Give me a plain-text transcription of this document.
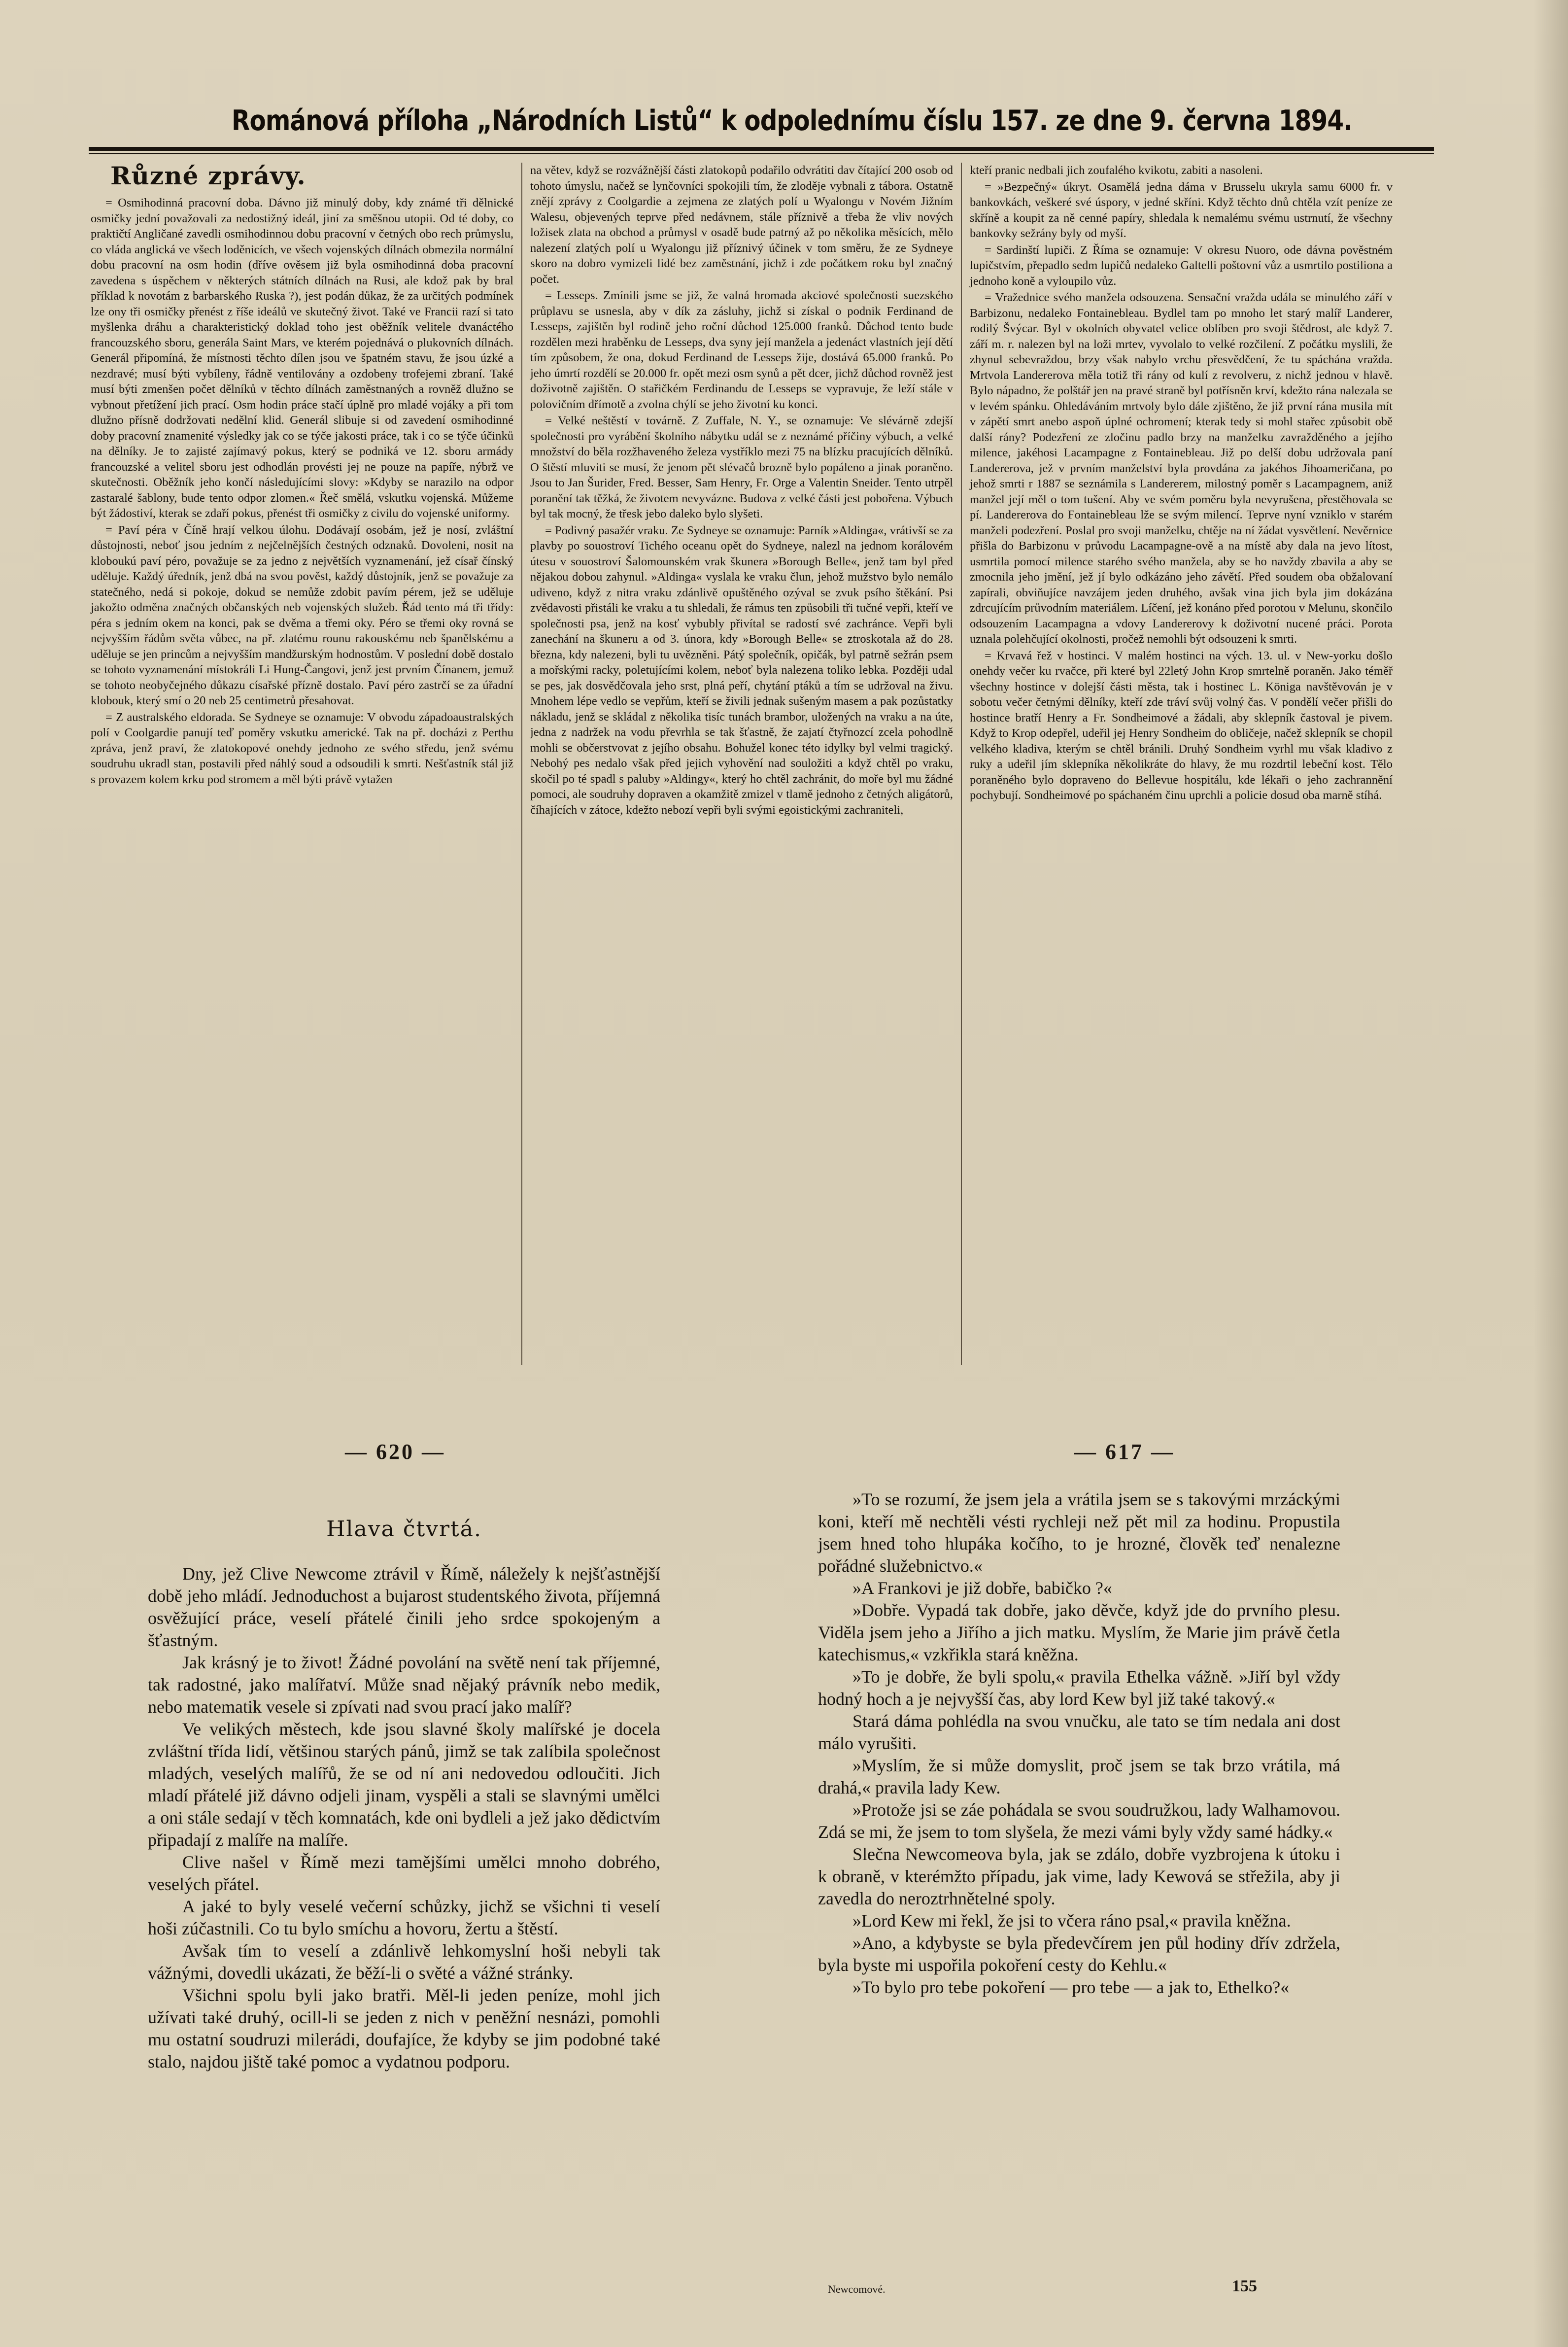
Románová příloha „Národních Listů“ k odpolednímu číslu 157. ze dne 9. června 1894.
Různé zprávy.

= Osmihodinná pracovní doba. Dávno již minulý doby, kdy známé tři dělnické osmičky jední považovali za nedostižný ideál, jiní za směšnou utopii. Od té doby, co praktičtí Angličané zavedli osmihodinnou dobu pracovní v četných obo rech průmyslu, co vláda anglická ve všech loděnicích, ve všech vojenských dílnách obmezila normální dobu pracovní na osm hodin (dříve ověsem již byla osmihodinná doba pracovní zavedena s úspěchem v některých státních dílnách na Rusi, ale kdož pak by bral příklad k novotám z barbarského Ruska ?), jest podán důkaz, že za určitých podmínek lze ony tři osmičky přenést z říše ideálů ve skutečný život. Také ve Francii razí si tato myšlenka dráhu a charakteristický doklad toho jest oběžník velitele dvanáctého francouzského sboru, generála Saint Mars, ve kterém pojednává o plukovních dílnách. Generál připomíná, že místnosti těchto dílen jsou ve špatném stavu, že jsou úzké a nezdravé; musí býti vybíleny, řádně ventilovány a ozdobeny trofejemi zbraní. Také musí býti zmenšen počet dělníků v těchto dílnách zaměstnaných a rovněž dlužno se vybnout přetížení jich prací. Osm hodin práce stačí úplně pro mladé vojáky a při tom dlužno přísně dodržovati nedělní klid. Generál slibuje si od zavedení osmihodinné doby pracovní znamenité výsledky jak co se týče jakosti práce, tak i co se týče účinků na dělníky. Je to zajisté zajímavý pokus, který se podniká ve 12. sboru armády francouzské a velitel sboru jest odhodlán provésti jej ne pouze na papíře, nýbrž ve skutečnosti. Oběžník jeho končí následujícími slovy: »Kdyby se narazilo na odpor zastaralé šablony, bude tento odpor zlomen.« Řeč smělá, vskutku vojenská. Můžeme být žádostiví, kterak se zdaří pokus, přenést tři osmičky z civilu do vojenské uniformy.

= Paví péra v Číně hrají velkou úlohu. Dodávají osobám, jež je nosí, zvláštní důstojnosti, neboť jsou jedním z nejčelnějších čestných odznaků. Dovoleni, nosit na kloboukú paví péro, považuje se za jedno z největších vyznamenání, jež císař čínský uděluje. Každý úředník, jenž dbá na svou pověst, každý důstojník, jenž se považuje za statečného, nedá si pokoje, dokud se nemůže zdobit pavím pérem, jež se uděluje jakožto odměna značných občanských neb vojenských služeb. Řád tento má tři třídy: péra s jedním okem na konci, pak se dvěma a třemi oky. Péro se třemi oky rovná se nejvyšším řádům světa vůbec, na př. zlatému rounu rakouskému neb španělskému a uděluje se jen princům a nejvyšším mandžurským hodnostům. V poslední době dostalo se tohoto vyznamenání místokráli Li Hung-Čangovi, jenž jest prvním Čínanem, jemuž se tohoto neobyčejného důkazu císařské přízně dostalo. Paví péro zastrčí se za úřadní klobouk, který smí o 20 neb 25 centimetrů přesahovat.

= Z australského eldorada. Se Sydneye se oznamuje: V obvodu západoaustralských polí v Coolgardie panují teď poměry vskutku americké. Tak na př. docházi z Perthu zpráva, jenž praví, že zlatokopové onehdy jednoho ze svého středu, jenž svému soudruhu ukradl stan, postavili před náhlý soud a odsoudili k smrti. Nešťastník stál již s provazem kolem krku pod stromem a měl býti právě vytažen

na větev, když se rozvážnější části zlatokopů podařilo odvrátiti dav čítající 200 osob od tohoto úmyslu, načež se lynčovníci spokojili tím, že zloděje vybnali z tábora. Ostatně znějí zprávy z Coolgardie a zejmena ze zlatých polí u Wyalongu v Novém Jižním Walesu, objevených teprve před nedávnem, stále příznivě a třeba že vliv nových ložisek zlata na obchod a průmysl v osadě bude patrný až po několika měsících, mělo nalezení zlatých polí u Wyalongu již příznivý účinek v tom směru, že ze Sydneye skoro na dobro vymizeli lidé bez zaměstnání, jichž i zde počátkem roku byl značný počet.

= Lesseps. Zmínili jsme se již, že valná hromada akciové společnosti suezského průplavu se usnesla, aby v dík za zásluhy, jichž si získal o podnik Ferdinand de Lesseps, zajištěn byl rodině jeho roční důchod 125.000 franků. Důchod tento bude rozdělen mezi hraběnku de Lesseps, dva syny její manžela a jedenáct vlastních její dětí tím způsobem, že ona, dokud Ferdinand de Lesseps žije, dostává 65.000 franků. Po jeho úmrtí rozdělí se 20.000 fr. opět mezi osm synů a pět dcer, jichž důchod rovněž jest doživotně zajištěn. O stařičkém Ferdinandu de Lesseps se vypravuje, že leží stále v polovičním dřímotě a zvolna chýlí se jeho životní ku konci.

= Velké neštěstí v továrně. Z Zuffale, N. Y., se oznamuje: Ve slévárně zdejší společnosti pro vyrábění školního nábytku udál se z neznámé příčiny výbuch, a velké množství do běla rozžhaveného železa vystříklo mezi 75 na blízku pracujících dělníků. O štěstí mluviti se musí, že jenom pět slévačů brozně bylo popáleno a jinak poraněno. Jsou to Jan Šurider, Fred. Besser, Sam Henry, Fr. Orge a Valentin Sneider. Tento utrpěl poranění tak těžká, že životem nevyvázne. Budova z velké části jest pobořena. Výbuch byl tak mocný, že třesk jebo daleko bylo slyšeti.

= Podivný pasažér vraku. Ze Sydneye se oznamuje: Parník »Aldinga«, vrátivší se za plavby po souostroví Tichého oceanu opět do Sydneye, nalezl na jednom korálovém útesu v souostroví Šalomounském vrak škunera »Borough Belle«, jenž tam byl před nějakou dobou zahynul. »Aldinga« vyslala ke vraku člun, jehož mužstvo bylo nemálo udiveno, když z nitra vraku zdánlivě opuštěného ozýval se zvuk psího štěkání. Psi zvědavosti přistáli ke vraku a tu shledali, že rámus ten způsobili tři tučné vepři, kteří ve společnosti psa, jenž na kosť vybubly přivítal se radostí své zachránce. Vepři byli zanechání na škuneru a od 3. února, kdy »Borough Belle« se ztroskotala až do 28. března, kdy nalezeni, byli tu uvězněni. Pátý společník, opičák, byl patrně sežrán psem a mořskými racky, poletujícími kolem, neboť byla nalezena toliko lebka. Později udal se pes, jak dosvědčovala jeho srst, plná peří, chytání ptáků a tím se udržoval na živu. Mnohem lépe vedlo se vepřům, kteří se živili jednak sušeným masem a pak pozůstatky nákladu, jenž se skládal z několika tisíc tunách brambor, uložených na vraku a na úte, jedna z nadržek na vodu převrhla se tak šťastně, že zajatí čtyřnozcí zcela pohodlně mohli se občerstvovat z jejího obsahu. Bohužel konec této idylky byl velmi tragický. Nebohý pes nedalo však před jejich vyhovění nad souložiti a když chtěl po vraku, skočil po té spadl s paluby »Aldingy«, který ho chtěl zachránit, do moře byl mu žádné pomoci, ale soudruhy dopraven a okamžitě zmizel v tlamě jednoho z četných aligátorů, číhajících v zátoce, kdežto nebozí vepři byli svými egoistickými zachraniteli,

kteří pranic nedbali jich zoufalého kvikotu, zabiti a nasoleni.

= »Bezpečný« úkryt. Osamělá jedna dáma v Brusselu ukryla samu 6000 fr. v bankovkách, veškeré své úspory, v jedné skříni. Když těchto dnů chtěla vzít peníze ze skříně a koupit za ně cenné papíry, shledala k nemalému svému ustrnutí, že všechny bankovky sežrány byly od myší.

= Sardinští lupiči. Z Říma se oznamuje: V okresu Nuoro, ode dávna pověstném lupičstvím, přepadlo sedm lupičů nedaleko Galtelli poštovní vůz a usmrtilo postiliona a jednoho koně a vyloupilo vůz.

= Vražednice svého manžela odsouzena. Sensační vražda udála se minulého září v Barbizonu, nedaleko Fontainebleau. Bydlel tam po mnoho let starý malíř Landerer, rodilý Švýcar. Byl v okolních obyvatel velice oblíben pro svoji štědrost, ale když 7. září m. r. nalezen byl na loži mrtev, vyvolalo to velké rozčilení. Z počátku myslili, že zhynul sebevraždou, brzy však nabylo vrchu přesvědčení, že tu spáchána vražda. Mrtvola Landererova měla totiž tři rány od kulí z revolveru, z nichž jednou v hlavě. Bylo nápadno, že polštář jen na pravé straně byl potřísněn krví, kdežto rána nalezala se v levém spánku. Ohledáváním mrtvoly bylo dále zjištěno, že již první rána musila mít v zápětí smrt anebo aspoň úplné ochromení; kterak tedy si mohl stařec způsobit obě další rány? Podezření ze zločinu padlo brzy na manželku zavražděného a jejího milence, jakéhosi Lacampagne z Fontainebleau. Již po delší dobu udržovala paní Landererova, jež v prvním manželství byla provdána za jakéhos Jihoameričana, po jehož smrti r 1887 se seznámila s Landererem, milostný poměr s Lacampagnem, aniž manžel její měl o tom tušení. Aby ve svém poměru byla nevyrušena, přestěhovala se pí. Landererova do Fontainebleau lže se svým milencí. Teprve nyní vzniklo v starém manželi podezření. Poslal pro svoji manželku, chtěje na ní žádat vysvětlení. Nevěrnice přišla do Barbizonu v průvodu Lacampagne-ově a na místě aby dala na jevo lítost, usmrtila pomocí milence starého svého manžela, aby se ho navždy zbavila a aby se zmocnila jeho jmění, jež jí bylo odkázáno jeho závětí. Před soudem oba obžalovaní zapírali, obviňujíce navzájem jeden druhého, avšak vina jich byla jim dokázána zdrcujícím průvodním materiálem. Líčení, jež konáno před porotou v Melunu, skončilo odsouzením Lacampagna a vdovy Landererovy k doživotní nucené práci. Porota uznala polehčující okolnosti, pročež nemohli být odsouzeni k smrti.

= Krvavá řež v hostinci. V malém hostinci na vých. 13. ul. v New-yorku došlo onehdy večer ku rvačce, při které byl 22letý John Krop smrtelně poraněn. Jako téměř všechny hostince v dolejší části města, tak i hostinec L. Königa navštěvován je v sobotu večer četnými dělníky, kteří zde tráví svůj volný čas. V pondělí večer přišli do hostince bratří Henry a Fr. Sondheimové a žádali, aby sklepník častoval je pivem. Když to Krop odepřel, udeřil jej Henry Sondheim do obličeje, načež sklepník se chopil velkého kladiva, kterým se chtěl bránili. Druhý Sondheim vyrhl mu však kladivo z ruky a udeřil jím sklepníka několikráte do hlavy, že mu rozdrtil lebeční kost. Tělo poraněného bylo dopraveno do Bellevue hospitálu, kde lékaři o jeho zachrannění pochybují. Sondheimové po spáchaném činu uprchli a policie dosud oba marně stíhá.

— 620 —	— 617 —

Hlava čtvrtá.

Dny, jež Clive Newcome ztrávil v Římě, náležely k nejšťastnější době jeho mládí. Jednoduchost a bujarost studentského života, příjemná osvěžující práce, veselí přátelé činili jeho srdce spokojeným a šťastným.

Jak krásný je to život! Žádné povolání na světě není tak příjemné, tak radostné, jako malířatví. Může snad nějaký právník nebo medik, nebo matematik vesele si zpívati nad svou prací jako malíř?

Ve velikých městech, kde jsou slavné školy malířské je docela zvláštní třída lidí, většinou starých pánů, jimž se tak zalíbila společnost mladých, veselých malířů, že se od ní ani nedovedou odloučiti. Jich mladí přátelé již dávno odjeli jinam, vyspěli a stali se slavnými umělci a oni stále sedají v těch komnatách, kde oni bydleli a jež jako dědictvím připadají z malíře na malíře.

Clive našel v Římě mezi tamějšími umělci mnoho dobrého, veselých přátel.

A jaké to byly veselé večerní schůzky, jichž se všichni ti veselí hoši zúčastnili. Co tu bylo smíchu a hovoru, žertu a štěstí.

Avšak tím to veselí a zdánlivě lehkomyslní hoši nebyli tak vážnými, dovedli ukázati, že běží-li o světé a vážné stránky.

Všichni spolu byli jako bratři. Měl-li jeden peníze, mohl jich užívati také druhý, ocill-li se jeden z nich v peněžní nesnázi, pomohli mu ostatní soudruzi milerádi, doufajíce, že kdyby se jim podobné také stalo, najdou jiště také pomoc a vydatnou podporu.

»To se rozumí, že jsem jela a vrátila jsem se s takovými mrzáckými koni, kteří mě nechtěli vésti rychleji než pět mil za hodinu. Propustila jsem hned toho hlupáka kočího, to je hrozné, člověk teď nenalezne pořádné služebnictvo.«

»A Frankovi je již dobře, babičko ?«

»Dobře. Vypadá tak dobře, jako děvče, když jde do prvního plesu. Viděla jsem jeho a Jiřího a jich matku. Myslím, že Marie jim právě četla katechismus,« vzkřikla stará kněžna.

»To je dobře, že byli spolu,« pravila Ethelka vážně. »Jiří byl vždy hodný hoch a je nejvyšší čas, aby lord Kew byl již také takový.«

Stará dáma pohlédla na svou vnučku, ale tato se tím nedala ani dost málo vyrušiti.

»Myslím, že si může domyslit, proč jsem se tak brzo vrátila, má drahá,« pravila lady Kew.

»Protože jsi se záe pohádala se svou soudružkou, lady Walhamovou. Zdá se mi, že jsem to tom slyšela, že mezi vámi byly vždy samé hádky.«

Slečna Newcomeova byla, jak se zdálo, dobře vyzbrojena k útoku i k obraně, v kterémžto případu, jak vime, lady Kewová se střežila, aby ji zavedla do neroztrhnětelné spoly.

»Lord Kew mi řekl, že jsi to včera ráno psal,« pravila kněžna.

»Ano, a kdybyste se byla předevčírem jen půl hodiny dřív zdržela, byla byste mi uspořila pokoření cesty do Kehlu.«

»To bylo pro tebe pokoření — pro tebe — a jak to, Ethelko?«

Newcomové.	155
